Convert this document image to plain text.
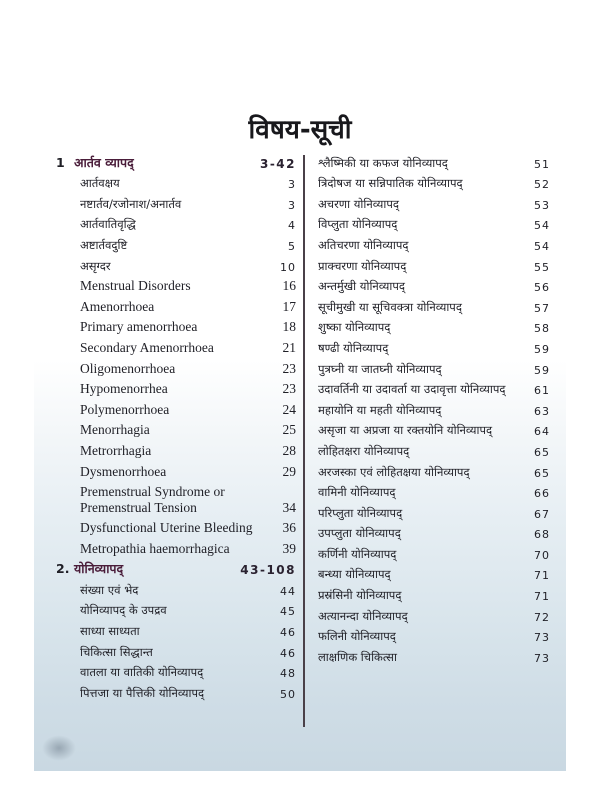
विषय-सूची
1 आर्तव व्यापद्	3-42
आर्तवक्षय	3
नष्टार्तव/रजोनाश/अनार्तव	3
आर्तवातिवृद्धि	4
अष्टार्तवदुष्टि	5
असृग्दर	10
Menstrual Disorders	16
Amenorrhoea	17
Primary amenorrhoea	18
Secondary Amenorrhoea	21
Oligomenorrhoea	23
Hypomenorrhea	23
Polymenorrhoea	24
Menorrhagia	25
Metrorrhagia	28
Dysmenorrhoea	29
Premenstrual Syndrome or Premenstrual Tension	34
Dysfunctional Uterine Bleeding 36
Metropathia haemorrhagica	39
2. योनिव्यापद्	43-108
संख्या एवं भेद	44
योनिव्यापद् के उपद्रव	45
साध्या साध्यता	46
चिकित्सा सिद्धान्त	46
वातला या वातिकी योनिव्यापद्	48
पित्तजा या पैत्तिकी योनिव्यापद्	50
श्लैष्मिकी या कफज योनिव्यापद्	51
त्रिदोषज या सन्निपातिक योनिव्यापद्	52
अचरणा योनिव्यापद्	53
विप्लुता योनिव्यापद्	54
अतिचरणा योनिव्यापद्	54
प्राक्चरणा योनिव्यापद्	55
अन्तर्मुखी योनिव्यापद्	56
सूचीमुखी या सूचिवक्त्रा योनिव्यापद्	57
शुष्का योनिव्यापद्	58
षण्ढी योनिव्यापद्	59
पुत्रघ्नी या जातघ्नी योनिव्यापद्	59
उदावर्तिनी या उदावर्ता या उदावृत्ता योनिव्यापद्	61
महायोनि या महती योनिव्यापद्	63
असृजा या अप्रजा या रक्तयोनि योनिव्यापद्	64
लोहितक्षरा योनिव्यापद्	65
अरजस्का एवं लोहितक्षया योनिव्यापद्	65
वामिनी योनिव्यापद्	66
परिप्लुता योनिव्यापद्	67
उपप्लुता योनिव्यापद्	68
कर्णिनी योनिव्यापद्	70
बन्ध्या योनिव्यापद्	71
प्रस्रंसिनी योनिव्यापद्	71
अत्यानन्दा योनिव्यापद्	72
फलिनी योनिव्यापद्	73
लाक्षणिक चिकित्सा	73
